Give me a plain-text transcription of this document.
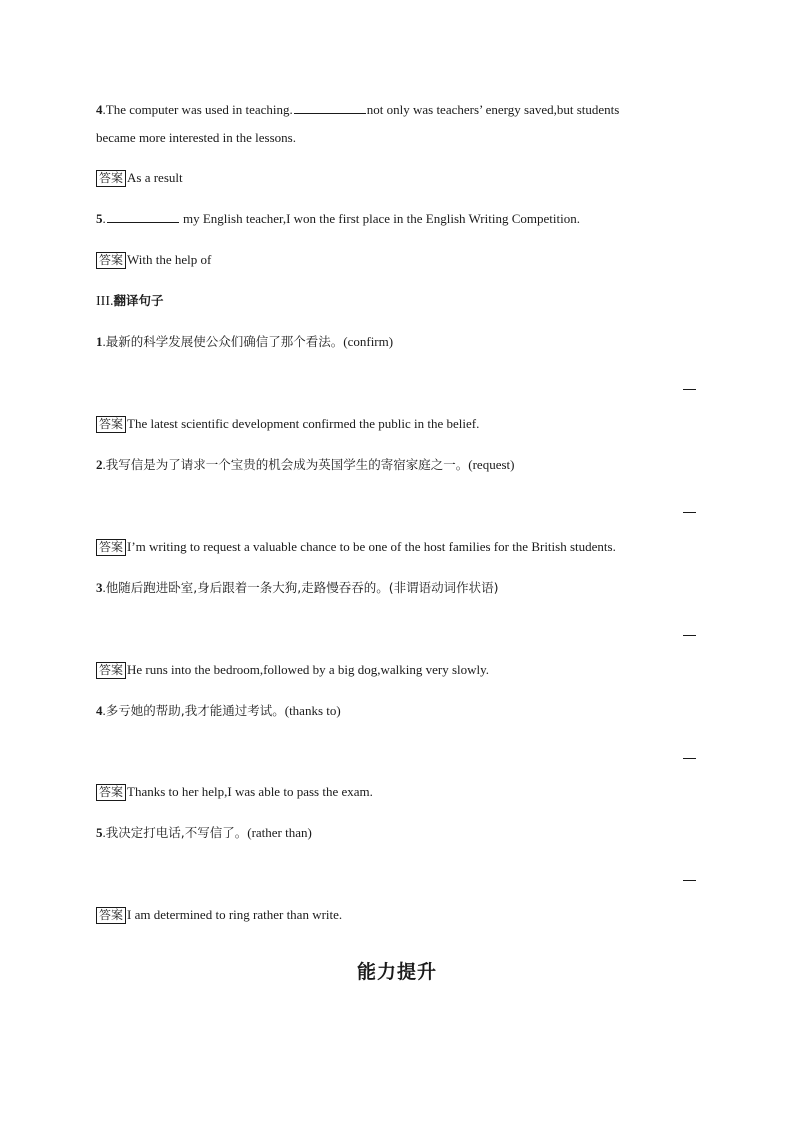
4.The computer was used in teaching.	not only was teachers’ energy saved,but students
became more interested in the lessons.
答案 As a result
5.	my English teacher,I won the first place in the English Writing Competition.
答案 With the help of
III.翻译句子
1.最新的科学发展使公众们确信了那个看法。(confirm)
答案 The latest scientific development confirmed the public in the belief.
2.我写信是为了请求一个宝贵的机会成为英国学生的寄宿家庭之一。(request)
答案 I’m writing to request a valuable chance to be one of the host families for the British students.
3.他随后跑进卧室,身后跟着一条大狗,走路慢吞吞的。(非谓语动词作状语)
答案 He runs into the bedroom,followed by a big dog,walking very slowly.
4.多亏她的帮助,我才能通过考试。(thanks to)
答案 Thanks to her help,I was able to pass the exam.
5.我决定打电话,不写信了。(rather than)
答案 I am determined to ring rather than write.
能力提升
